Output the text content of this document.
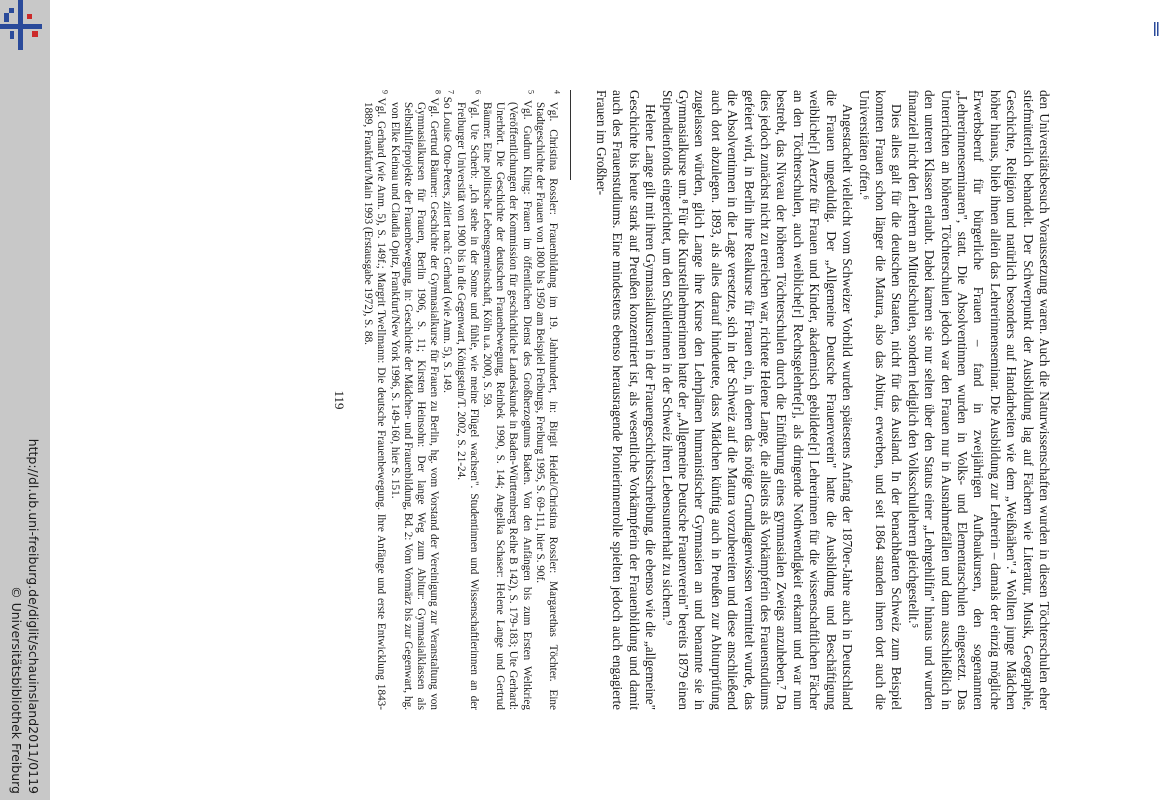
http://dl.ub.uni-freiburg.de/diglit/schauinsland2011/0119
© Universitätsbibliothek Freiburg	den Universitätsbesuch Voraussetzung waren. Auch die Naturwissenschaften wurden in diesen Töchterschulen eher stiefmütterlich behandelt. Der Schwerpunkt der Ausbildung lag auf Fächern wie Literatur, Musik, Geographie, Geschichte, Religion und natürlich besonders auf Handarbeiten wie dem „Weißnähen".⁴ Wollten junge Mädchen höher hinaus, blieb ihnen allein das Lehrerinnenseminar. Die Ausbildung zur Lehrerin – damals der einzig mögliche Erwerbsberuf für bürgerliche Frauen – fand in zweijährigen Aufbaukursen, den sogenannten „Lehrerinnenseminaren", statt. Die Absolventinnen wurden in Volks- und Elementarschulen eingesetzt. Das Unterrichten an höheren Töchterschulen jedoch war den Frauen nur in Ausnahmefällen und dann ausschließlich in den unteren Klassen erlaubt. Dabei kamen sie nur selten über den Status einer „Lehrgehilfin" hinaus und wurden finanziell nicht den Lehrern an Mittelschulen, sondern lediglich den Volksschullehrern gleichgestellt.⁵

Dies alles galt für die deutschen Staaten, nicht für das Ausland. In der benachbarten Schweiz zum Beispiel konnten Frauen schon länger die Matura, also das Abitur, erwerben, und seit 1864 standen ihnen dort auch die Universitäten offen.⁶

Angestachelt vielleicht vom Schweizer Vorbild wurden spätestens Anfang der 1870er-Jahre auch in Deutschland die Frauen ungeduldig. Der „Allgemeine Deutsche Frauenverein" hatte die Ausbildung und Beschäftigung weibliche[r] Aerzte für Frauen und Kinder, akademisch gebildete[r] Lehrerinnen für die wissenschaftlichen Fächer an den Töchterschulen, auch weibliche[r] Rechtsgelehrte[r], als dringende Nothwendigkeit erkannt und war nun bestrebt, das Niveau der höheren Töchterschulen durch die Einführung eines gymnasialen Zweigs anzuheben.⁷ Da dies jedoch zunächst nicht zu erreichen war, richtete Helene Lange, die allseits als Vorkämpferin des Frauenstudiums gefeiert wird, in Berlin ihre Realkurse für Frauen ein, in denen das nötige Grundlagenwissen vermittelt wurde, das die Absolventinnen in die Lage versetzte, sich in der Schweiz auf die Matura vorzubereiten und diese anschließend auch dort abzulegen. 1893, als alles darauf hindeutete, dass Mädchen künftig auch in Preußen zur Abiturprüfung zugelassen würden, glich Lange ihre Kurse den Lehrplänen humanistischer Gymnasien an und benannte sie in Gymnasialkurse um.⁸ Für die Kursteilnehmerinnen hatte der „Allgemeine Deutsche Frauenverein" bereits 1879 einen Stipendienfonds eingerichtet, um den Schülerinnen in der Schweiz ihren Lebensunterhalt zu sichern.⁹

Helene Lange gilt mit ihren Gymnasialkursen in der Frauengeschichtsschreibung, die ebenso wie die „allgemeine" Geschichte bis heute stark auf Preußen konzentriert ist, als wesentliche Vorkämpferin der Frauenbildung und damit auch des Frauenstudiums. Eine mindestens ebenso herausragende Pionierinnenrolle spielten jedoch auch engagierte Frauen im Großher-

$^4$ Vgl. Christina Rossler: Frauenbildung im 19. Jahrhundert, in: Birgit Heidel/Christina Rossler: Margarethas Töchter. Eine Stadtgeschichte der Frauen von 1800 bis 1950 am Beispiel Freiburgs, Freiburg 1995, S. 69-111, hier S. 90f.

$^5$ Vgl. Gudrun Kling: Frauen im öffentlichen Dienst des Großherzogtums Baden. Von den Anfängen bis zum Ersten Weltkrieg (Veröffentlichungen der Kommission für geschichtliche Landeskunde in Baden-Württemberg Reihe B 142), S. 179-183; Ute Gerhard: Unerhört. Die Geschichte der deutschen Frauenbewegung, Reinbek 1990, S. 144; Angelika Schaser: Helene Lange und Gertrud Bäumer. Eine politische Lebensgemeinschaft, Köln u.a. 2000, S. 59.

$^6$ Vgl. Ute Scherb: „Ich stehe in der Sonne und fühle, wie meine Flügel wachsen". Studentinnen und Wissenschaftlerinnen an der Freiburger Universität von 1900 bis in die Gegenwart, Königstein/T. 2002, S. 21-24.

$^7$ So Louise Otto-Peters, zitiert nach: Gerhard (wie Anm. 5), S. 149.

$^8$ Vgl. Gertrud Bäumer: Geschichte der Gymnasialkurse für Frauen zu Berlin, hg. vom Vorstand der Vereinigung zur Veranstaltung von Gymnasialkursen für Frauen, Berlin 1906, S. 11; Kirsten Heinsohn: Der lange Weg zum Abitur: Gymnasialklassen als Selbsthilfeprojekte der Frauenbewegung, in: Geschichte der Mädchen- und Frauenbildung, Bd. 2: Vom Vormärz bis zur Gegenwart, hg. von Elke Kleinau und Claudia Opitz, Frankfurt/New York 1996, S. 149-160, hier S. 151.

$^9$ Vgl. Gerhard (wie Anm. 5), S. 149f.; Margrit Twellmann: Die deutsche Frauenbewegung. Ihre Anfänge und erste Entwicklung 1843-1889, Frankfurt/Main 1993 (Erstausgabe 1972), S. 88.

119
